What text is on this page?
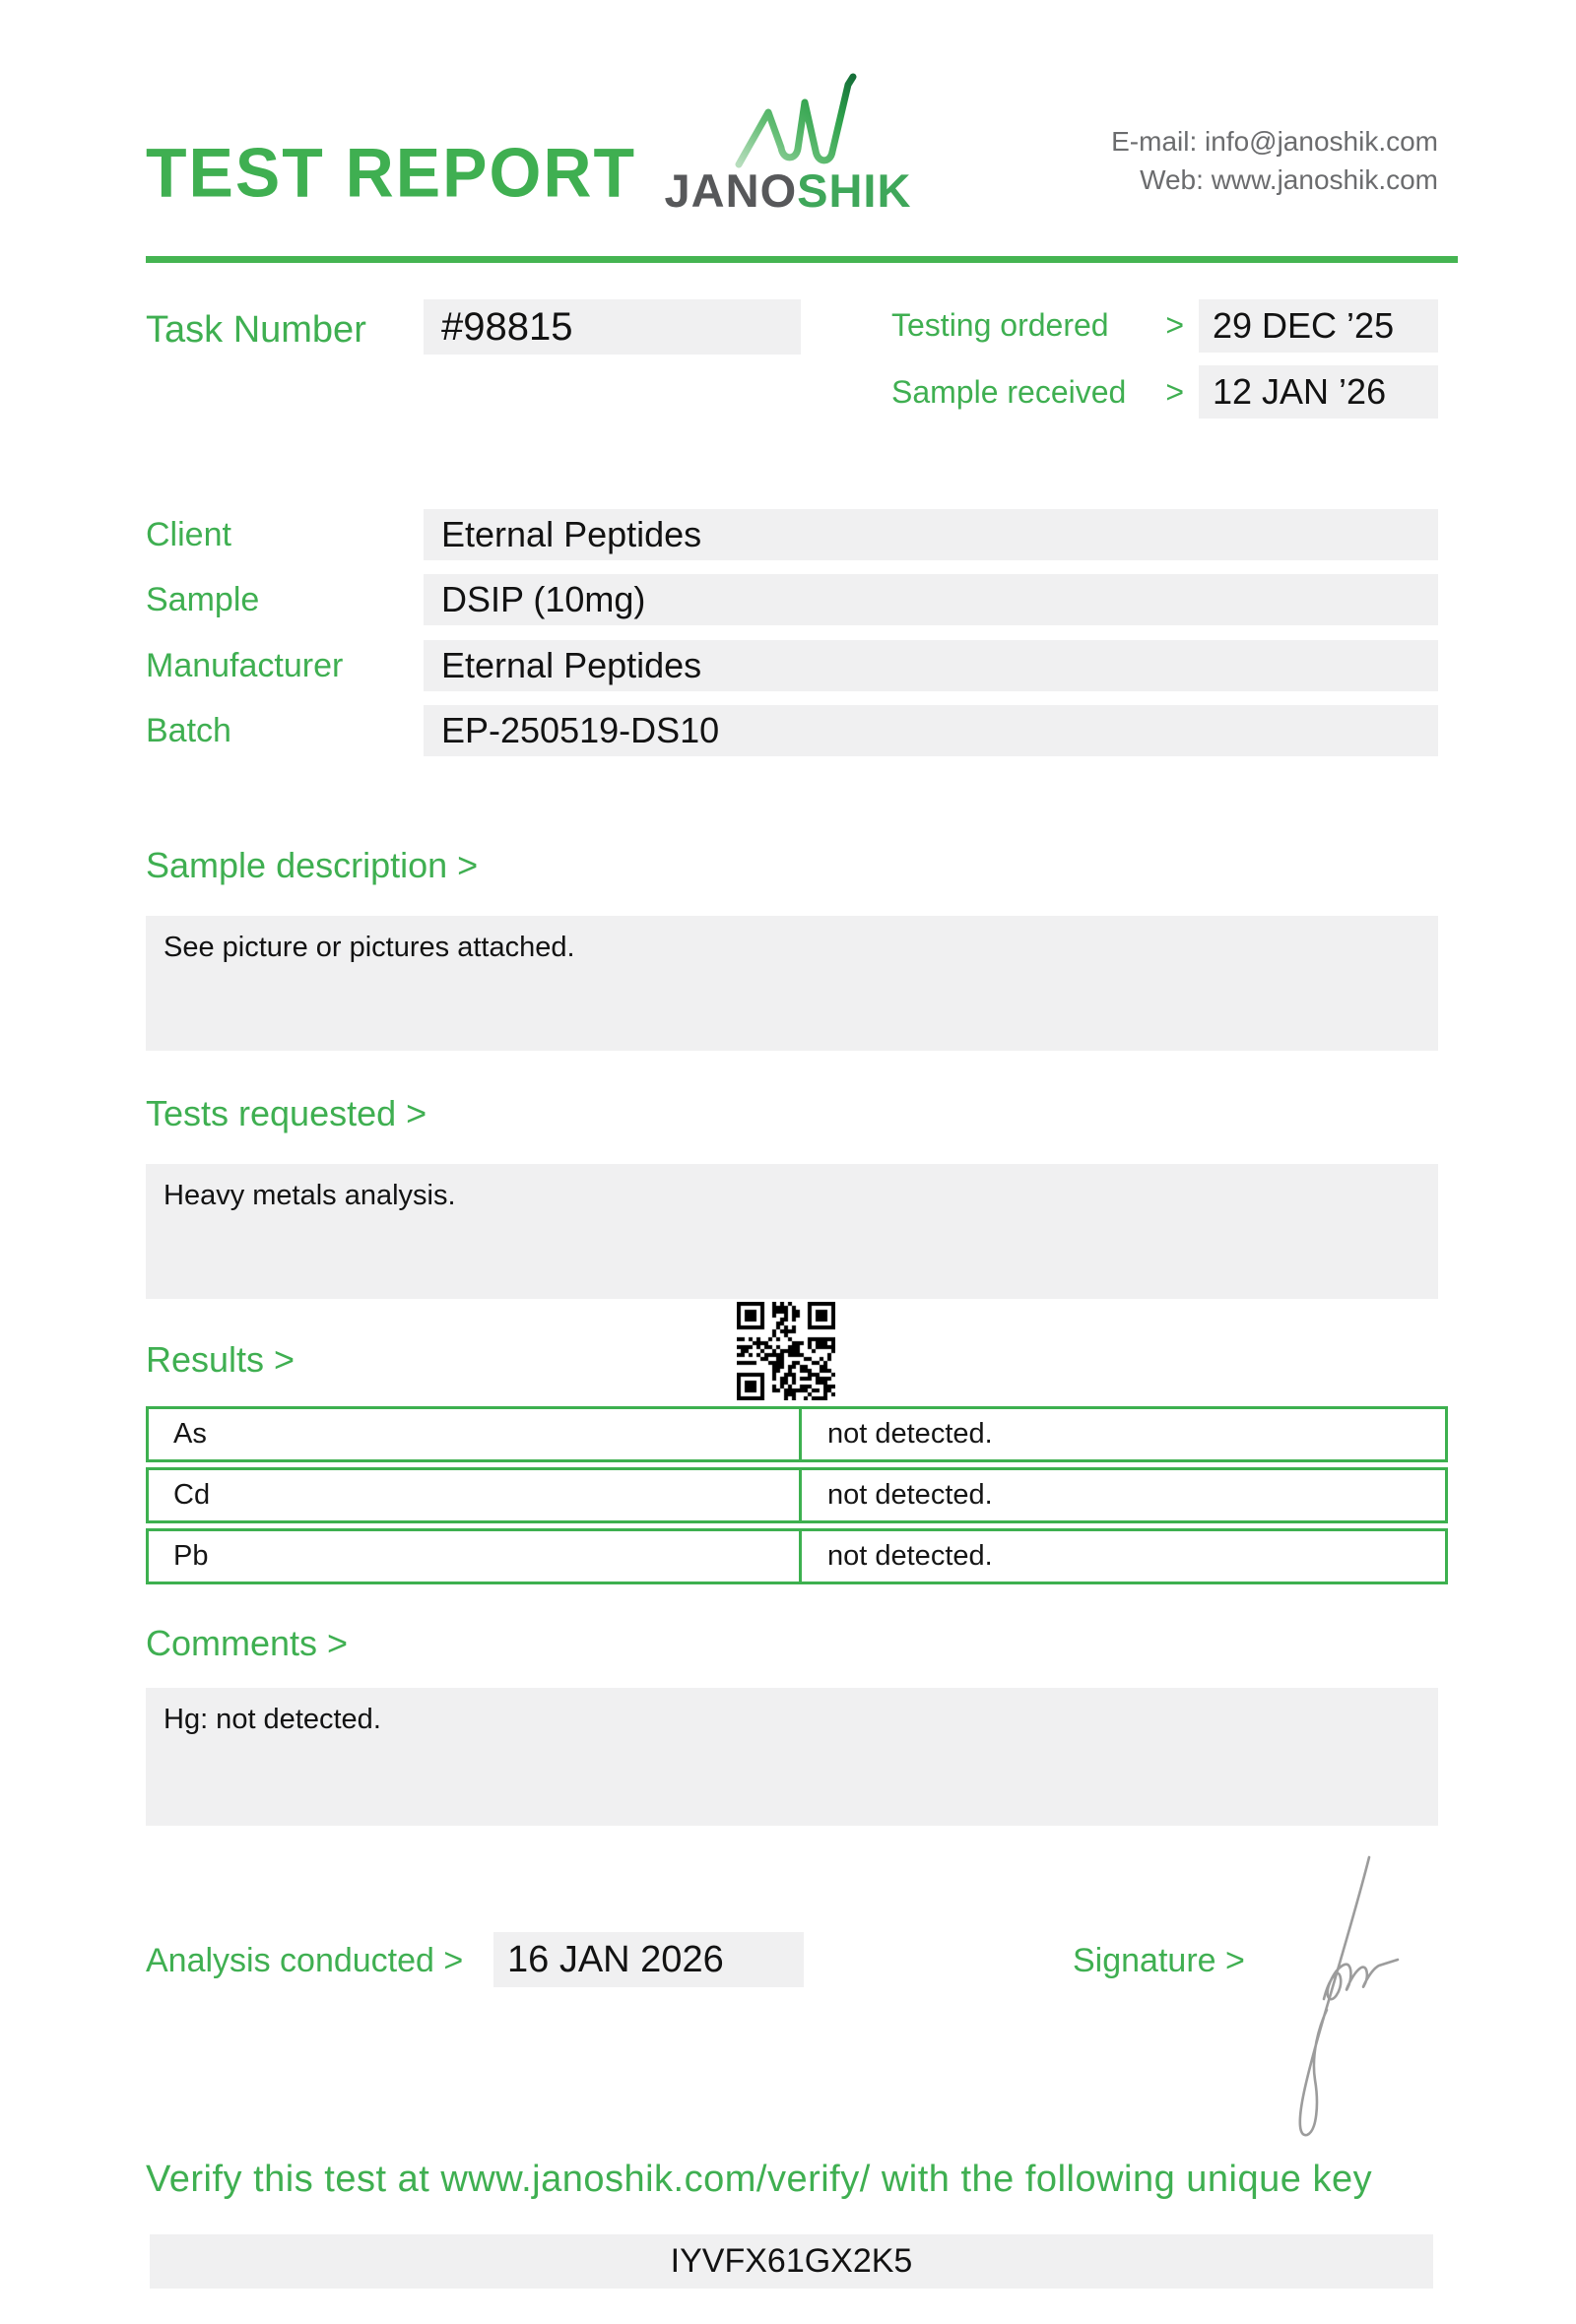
TEST REPORT JANOSHIK
E-mail: info@janoshik.com
Web: www.janoshik.com
Task Number	#98815	Testing ordered > 29 DEC ’25
Sample received > 12 JAN ’26
Client	Eternal Peptides
Sample	DSIP (10mg)
Manufacturer	Eternal Peptides
Batch	EP-250519-DS10
Sample description >
See picture or pictures attached.
Tests requested >
Heavy metals analysis.
Results >
As	not detected.
Cd	not detected.
Pb	not detected.
Comments >
Hg: not detected.
Analysis conducted >	16 JAN 2026	Signature >
Verify this test at www.janoshik.com/verify/ with the following unique key
IYVFX61GX2K5
